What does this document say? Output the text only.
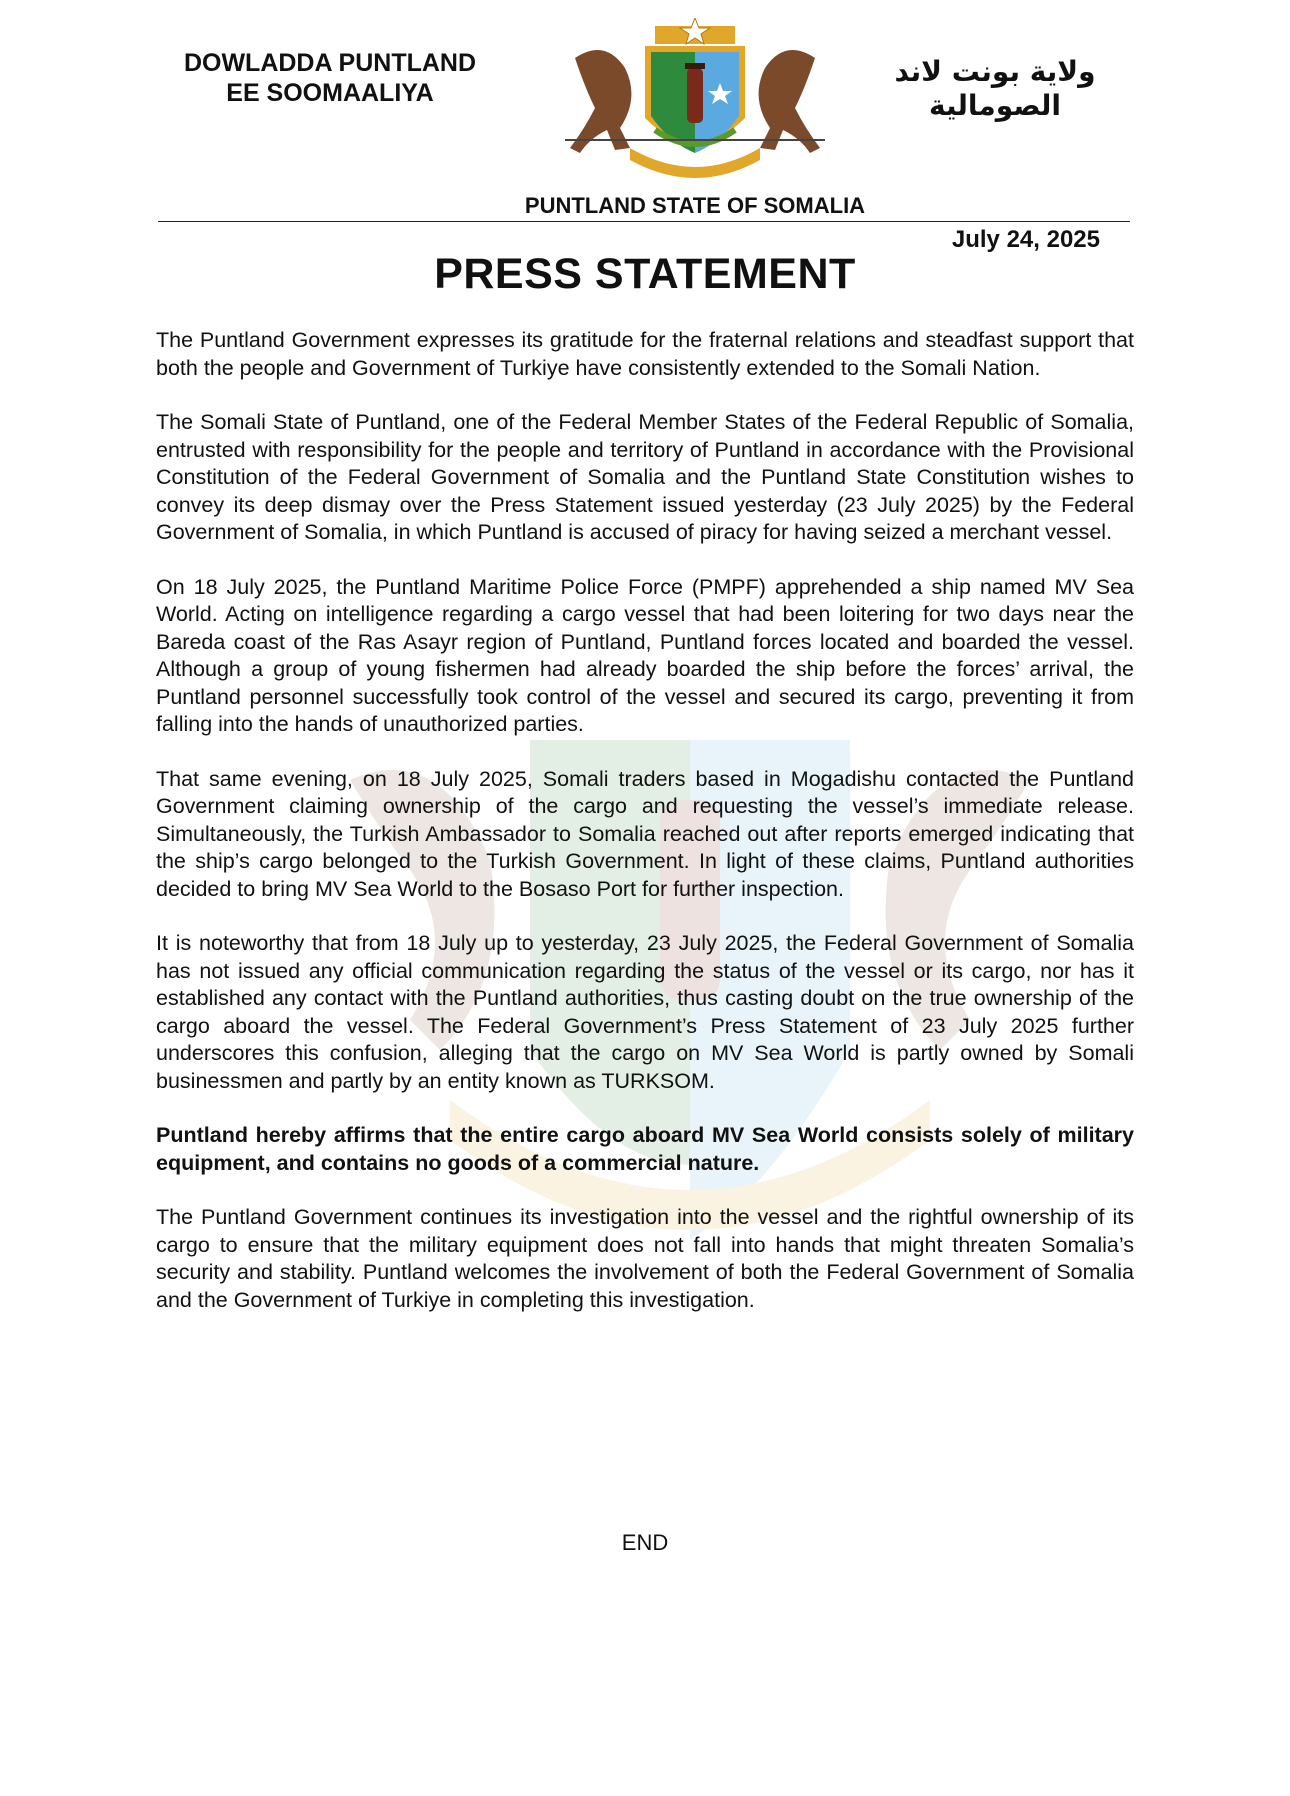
DOWLADDA PUNTLAND
EE SOOMAALIYA
ولاية بونت لاند
الصومالية
PUNTLAND STATE OF SOMALIA
July 24, 2025
PRESS STATEMENT

The Puntland Government expresses its gratitude for the fraternal relations and steadfast support that both the people and Government of Turkiye have consistently extended to the Somali Nation.

The Somali State of Puntland, one of the Federal Member States of the Federal Republic of Somalia, entrusted with responsibility for the people and territory of Puntland in accordance with the Provisional Constitution of the Federal Government of Somalia and the Puntland State Constitution wishes to convey its deep dismay over the Press Statement issued yesterday (23 July 2025) by the Federal Government of Somalia, in which Puntland is accused of piracy for having seized a merchant vessel.

On 18 July 2025, the Puntland Maritime Police Force (PMPF) apprehended a ship named MV Sea World. Acting on intelligence regarding a cargo vessel that had been loitering for two days near the Bareda coast of the Ras Asayr region of Puntland, Puntland forces located and boarded the vessel. Although a group of young fishermen had already boarded the ship before the forces’ arrival, the Puntland personnel successfully took control of the vessel and secured its cargo, preventing it from falling into the hands of unauthorized parties.

That same evening, on 18 July 2025, Somali traders based in Mogadishu contacted the Puntland Government claiming ownership of the cargo and requesting the vessel’s immediate release. Simultaneously, the Turkish Ambassador to Somalia reached out after reports emerged indicating that the ship’s cargo belonged to the Turkish Government. In light of these claims, Puntland authorities decided to bring MV Sea World to the Bosaso Port for further inspection.

It is noteworthy that from 18 July up to yesterday, 23 July 2025, the Federal Government of Somalia has not issued any official communication regarding the status of the vessel or its cargo, nor has it established any contact with the Puntland authorities, thus casting doubt on the true ownership of the cargo aboard the vessel. The Federal Government’s Press Statement of 23 July 2025 further underscores this confusion, alleging that the cargo on MV Sea World is partly owned by Somali businessmen and partly by an entity known as TURKSOM.

Puntland hereby affirms that the entire cargo aboard MV Sea World consists solely of military equipment, and contains no goods of a commercial nature.

The Puntland Government continues its investigation into the vessel and the rightful ownership of its cargo to ensure that the military equipment does not fall into hands that might threaten Somalia’s security and stability. Puntland welcomes the involvement of both the Federal Government of Somalia and the Government of Turkiye in completing this investigation.

END
